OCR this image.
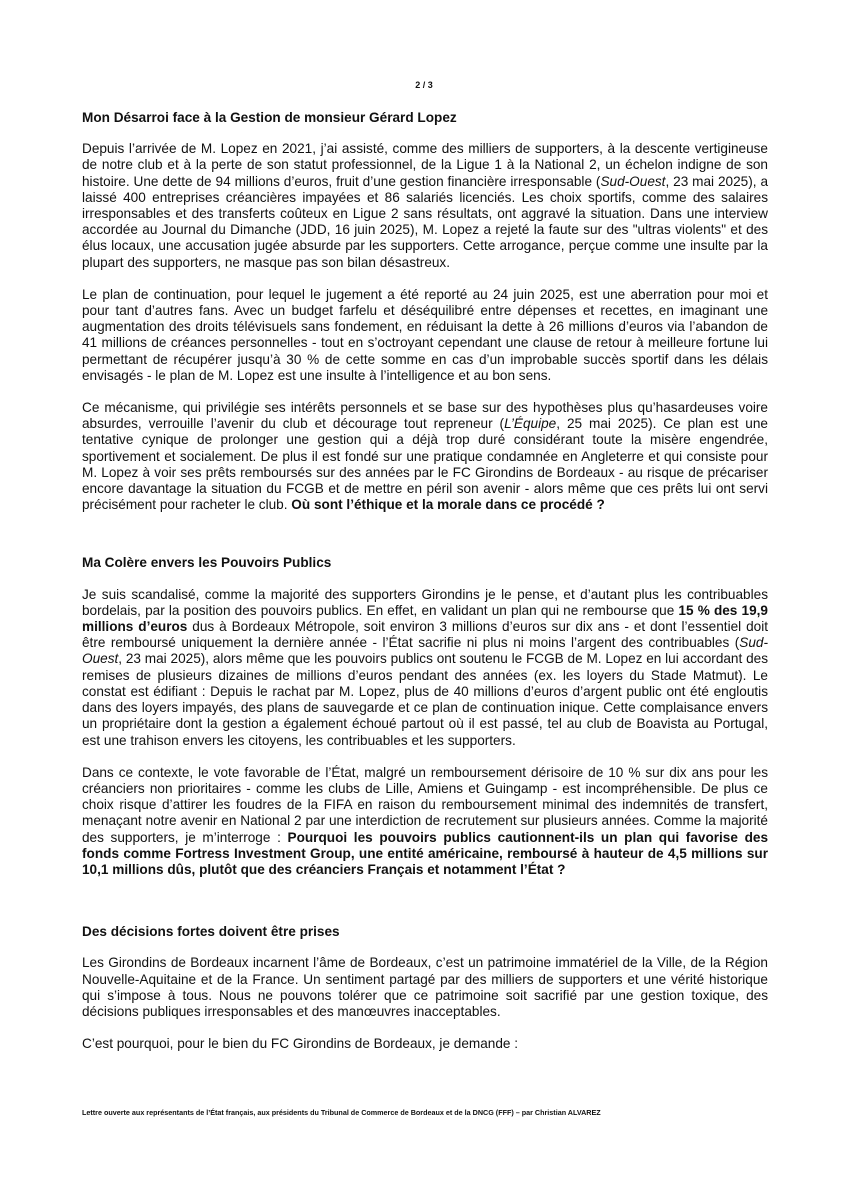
2 / 3
Mon Désarroi face à la Gestion de monsieur Gérard Lopez

Depuis l’arrivée de M. Lopez en 2021, j’ai assisté, comme des milliers de supporters, à la descente vertigineuse de notre club et à la perte de son statut professionnel, de la Ligue 1 à la National 2, un échelon indigne de son histoire. Une dette de 94 millions d’euros, fruit d’une gestion financière irresponsable (Sud-Ouest, 23 mai 2025), a laissé 400 entreprises créancières impayées et 86 salariés licenciés. Les choix sportifs, comme des salaires irresponsables et des transferts coûteux en Ligue 2 sans résultats, ont aggravé la situation. Dans une interview accordée au Journal du Dimanche (JDD, 16 juin 2025), M. Lopez a rejeté la faute sur des "ultras violents" et des élus locaux, une accusation jugée absurde par les supporters. Cette arrogance, perçue comme une insulte par la plupart des supporters, ne masque pas son bilan désastreux.

Le plan de continuation, pour lequel le jugement a été reporté au 24 juin 2025, est une aberration pour moi et pour tant d’autres fans. Avec un budget farfelu et déséquilibré entre dépenses et recettes, en imaginant une augmentation des droits télévisuels sans fondement, en réduisant la dette à 26 millions d’euros via l’abandon de 41 millions de créances personnelles - tout en s’octroyant cependant une clause de retour à meilleure fortune lui permettant de récupérer jusqu’à 30 % de cette somme en cas d’un improbable succès sportif dans les délais envisagés - le plan de M. Lopez est une insulte à l’intelligence et au bon sens.

Ce mécanisme, qui privilégie ses intérêts personnels et se base sur des hypothèses plus qu’hasardeuses voire absurdes, verrouille l’avenir du club et décourage tout repreneur (L’Équipe, 25 mai 2025). Ce plan est une tentative cynique de prolonger une gestion qui a déjà trop duré considérant toute la misère engendrée, sportivement et socialement. De plus il est fondé sur une pratique condamnée en Angleterre et qui consiste pour M. Lopez à voir ses prêts remboursés sur des années par le FC Girondins de Bordeaux - au risque de précariser encore davantage la situation du FCGB et de mettre en péril son avenir - alors même que ces prêts lui ont servi précisément pour racheter le club. Où sont l’éthique et la morale dans ce procédé ?

Ma Colère envers les Pouvoirs Publics

Je suis scandalisé, comme la majorité des supporters Girondins je le pense, et d’autant plus les contribuables bordelais, par la position des pouvoirs publics. En effet, en validant un plan qui ne rembourse que 15 % des 19,9 millions d’euros dus à Bordeaux Métropole, soit environ 3 millions d’euros sur dix ans - et dont l’essentiel doit être remboursé uniquement la dernière année - l’État sacrifie ni plus ni moins l’argent des contribuables (Sud-Ouest, 23 mai 2025), alors même que les pouvoirs publics ont soutenu le FCGB de M. Lopez en lui accordant des remises de plusieurs dizaines de millions d’euros pendant des années (ex. les loyers du Stade Matmut). Le constat est édifiant : Depuis le rachat par M. Lopez, plus de 40 millions d’euros d’argent public ont été engloutis dans des loyers impayés, des plans de sauvegarde et ce plan de continuation inique. Cette complaisance envers un propriétaire dont la gestion a également échoué partout où il est passé, tel au club de Boavista au Portugal, est une trahison envers les citoyens, les contribuables et les supporters.

Dans ce contexte, le vote favorable de l’État, malgré un remboursement dérisoire de 10 % sur dix ans pour les créanciers non prioritaires - comme les clubs de Lille, Amiens et Guingamp - est incompréhensible. De plus ce choix risque d’attirer les foudres de la FIFA en raison du remboursement minimal des indemnités de transfert, menaçant notre avenir en National 2 par une interdiction de recrutement sur plusieurs années. Comme la majorité des supporters, je m’interroge : Pourquoi les pouvoirs publics cautionnent-ils un plan qui favorise des fonds comme Fortress Investment Group, une entité américaine, remboursé à hauteur de 4,5 millions sur 10,1 millions dûs, plutôt que des créanciers Français et notamment l’État ?

Des décisions fortes doivent être prises

Les Girondins de Bordeaux incarnent l’âme de Bordeaux, c’est un patrimoine immatériel de la Ville, de la Région Nouvelle-Aquitaine et de la France. Un sentiment partagé par des milliers de supporters et une vérité historique qui s’impose à tous. Nous ne pouvons tolérer que ce patrimoine soit sacrifié par une gestion toxique, des décisions publiques irresponsables et des manœuvres inacceptables.

C’est pourquoi, pour le bien du FC Girondins de Bordeaux, je demande :

Lettre ouverte aux représentants de l’État français, aux présidents du Tribunal de Commerce de Bordeaux et de la DNCG (FFF) – par Christian ALVAREZ
